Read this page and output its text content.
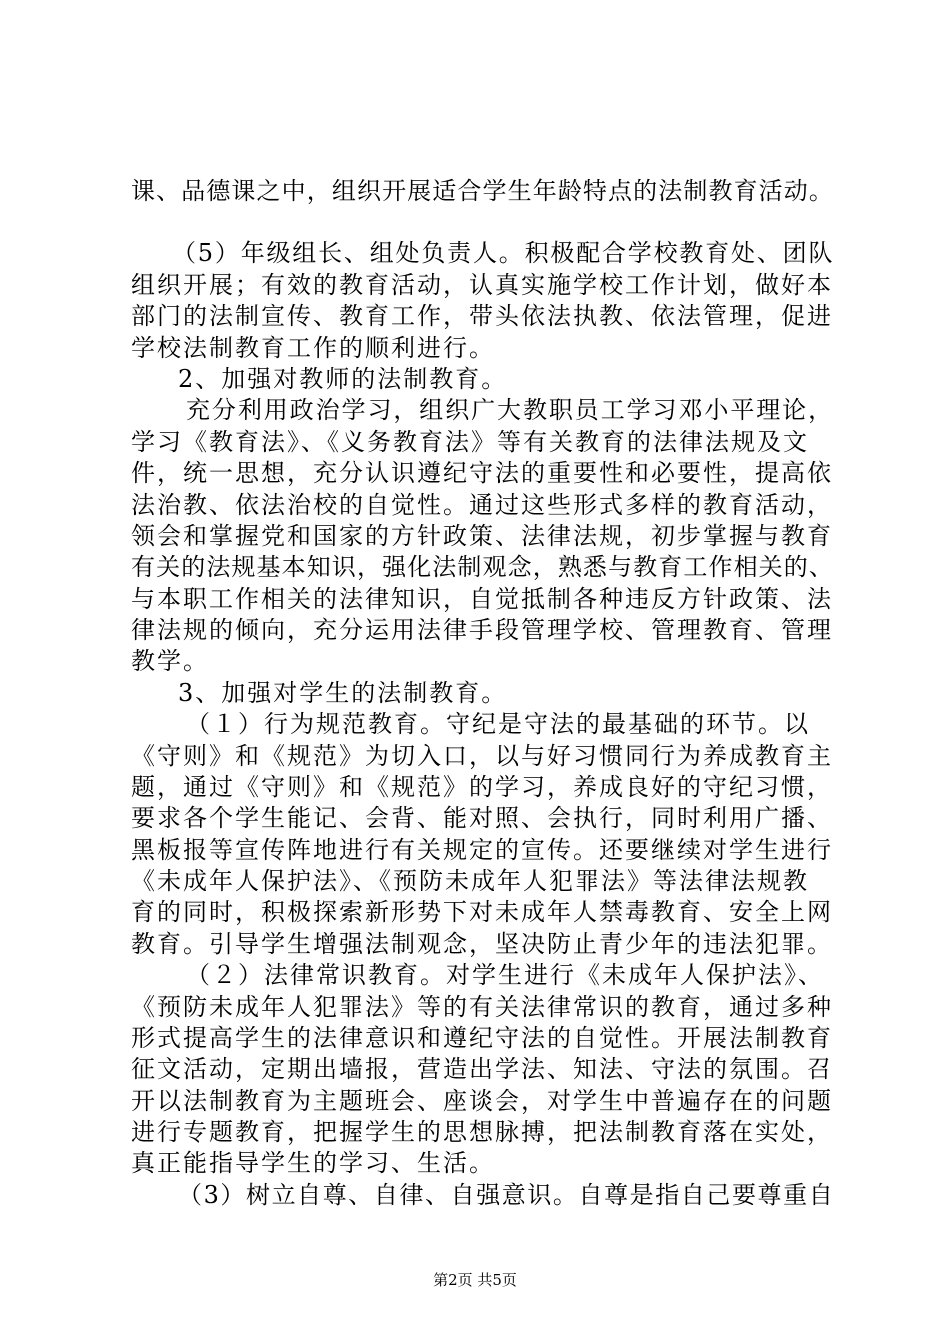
课、品德课之中，组织开展适合学生年龄特点的法制教育活动。
（5）年级组长、组处负责人。积极配合学校教育处、团队
组织开展；有效的教育活动，认真实施学校工作计划，做好本
部门的法制宣传、教育工作，带头依法执教、依法管理，促进
学校法制教育工作的顺利进行。
2、加强对教师的法制教育。
充分利用政治学习，组织广大教职员工学习邓小平理论，
学习《教育法》、《义务教育法》等有关教育的法律法规及文
件，统一思想，充分认识遵纪守法的重要性和必要性，提高依
法治教、依法治校的自觉性。通过这些形式多样的教育活动，
领会和掌握党和国家的方针政策、法律法规，初步掌握与教育
有关的法规基本知识，强化法制观念，熟悉与教育工作相关的、
与本职工作相关的法律知识，自觉抵制各种违反方针政策、法
律法规的倾向，充分运用法律手段管理学校、管理教育、管理
教学。
3、加强对学生的法制教育。
（１）行为规范教育。守纪是守法的最基础的环节。以
《守则》和《规范》为切入口，以与好习惯同行为养成教育主
题，通过《守则》和《规范》的学习，养成良好的守纪习惯，
要求各个学生能记、会背、能对照、会执行，同时利用广播、
黑板报等宣传阵地进行有关规定的宣传。还要继续对学生进行
《未成年人保护法》、《预防未成年人犯罪法》等法律法规教
育的同时，积极探索新形势下对未成年人禁毒教育、安全上网
教育。引导学生增强法制观念，坚决防止青少年的违法犯罪。
（２）法律常识教育。对学生进行《未成年人保护法》、
《预防未成年人犯罪法》等的有关法律常识的教育，通过多种
形式提高学生的法律意识和遵纪守法的自觉性。开展法制教育
征文活动，定期出墙报，营造出学法、知法、守法的氛围。召
开以法制教育为主题班会、座谈会，对学生中普遍存在的问题
进行专题教育，把握学生的思想脉搏，把法制教育落在实处，
真正能指导学生的学习、生活。
（3）树立自尊、自律、自强意识。自尊是指自己要尊重自
第2页 共5页
